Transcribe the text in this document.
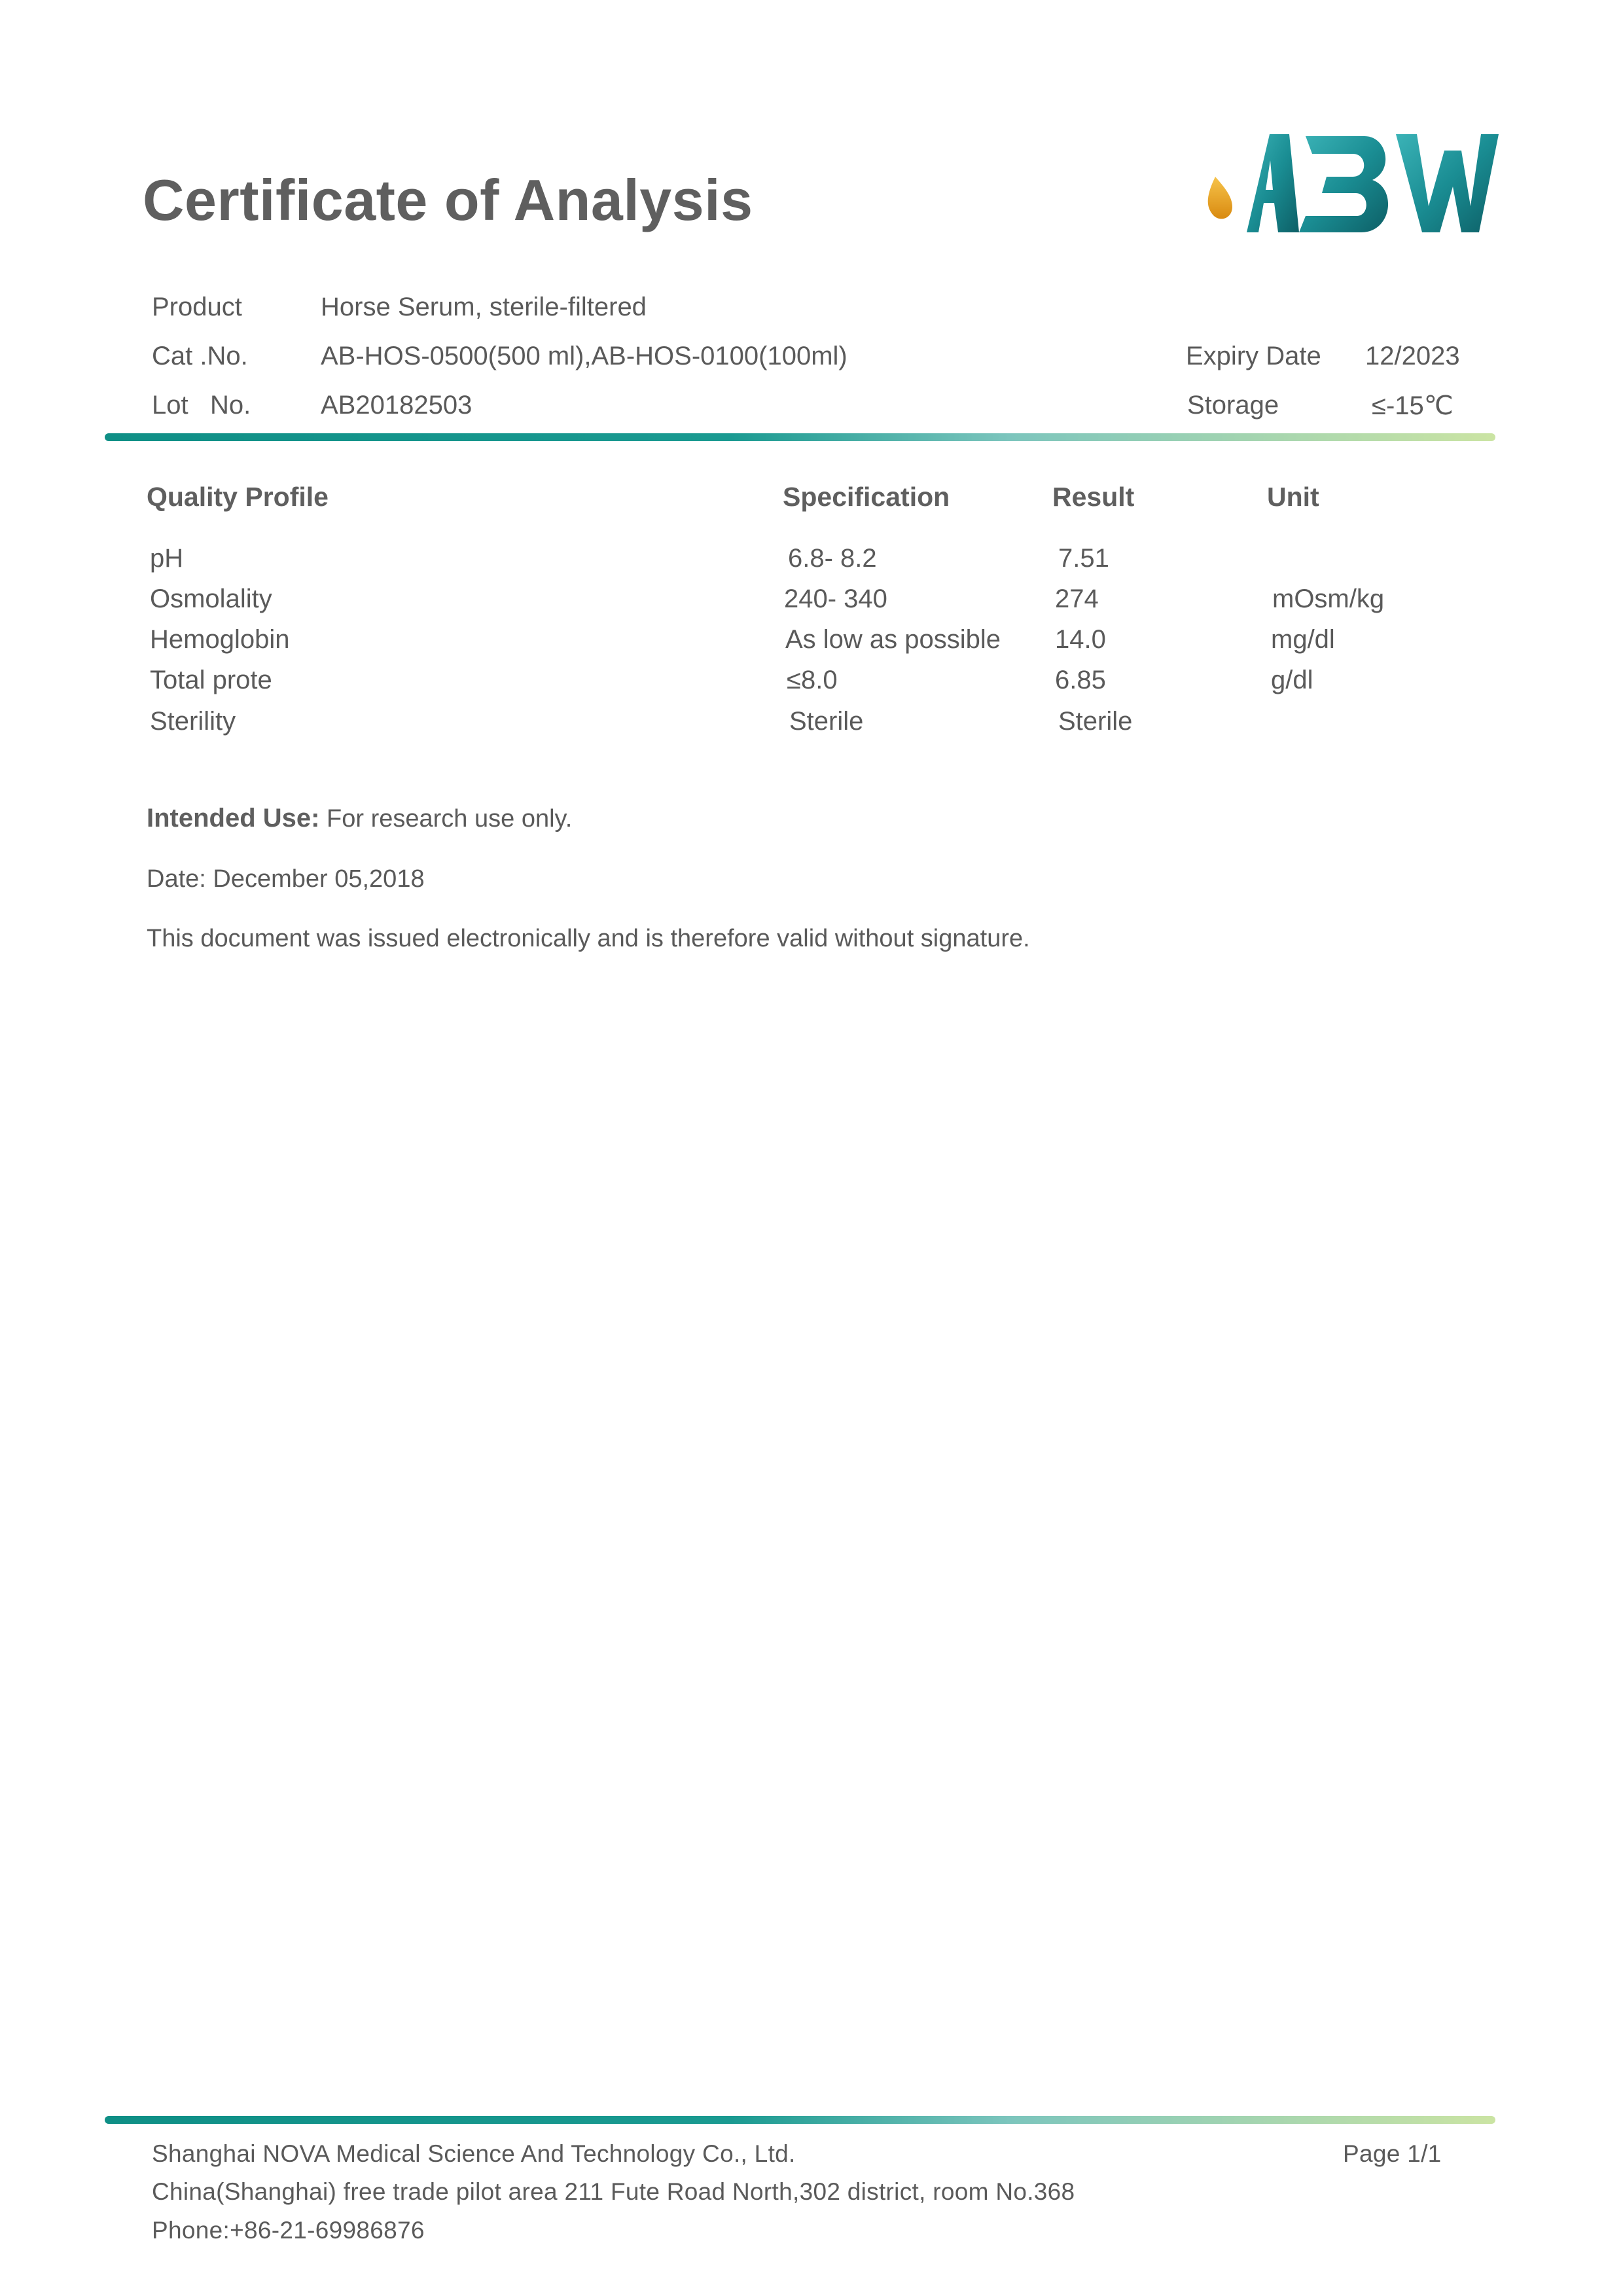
Certificate of Analysis
Product	Horse Serum, sterile-filtered
Cat .No.	AB-HOS-0500(500 ml),AB-HOS-0100(100ml)	Expiry Date 12/2023
Lot   No.	AB20182503	Storage	≤-15℃
Quality Profile	Specification	Result	Unit
pH	6.8- 8.2	7.51
Osmolality	240- 340	274	mOsm/kg
Hemoglobin	As low as possible 14.0	mg/dl
Total prote	≤8.0	6.85	g/dl
Sterility	Sterile	Sterile
Intended Use: For research use only.
Date: December 05,2018
This document was issued electronically and is therefore valid without signature.
Shanghai NOVA Medical Science And Technology Co., Ltd.	Page 1/1
China(Shanghai) free trade pilot area 211 Fute Road North,302 district, room No.368
Phone:+86-21-69986876
